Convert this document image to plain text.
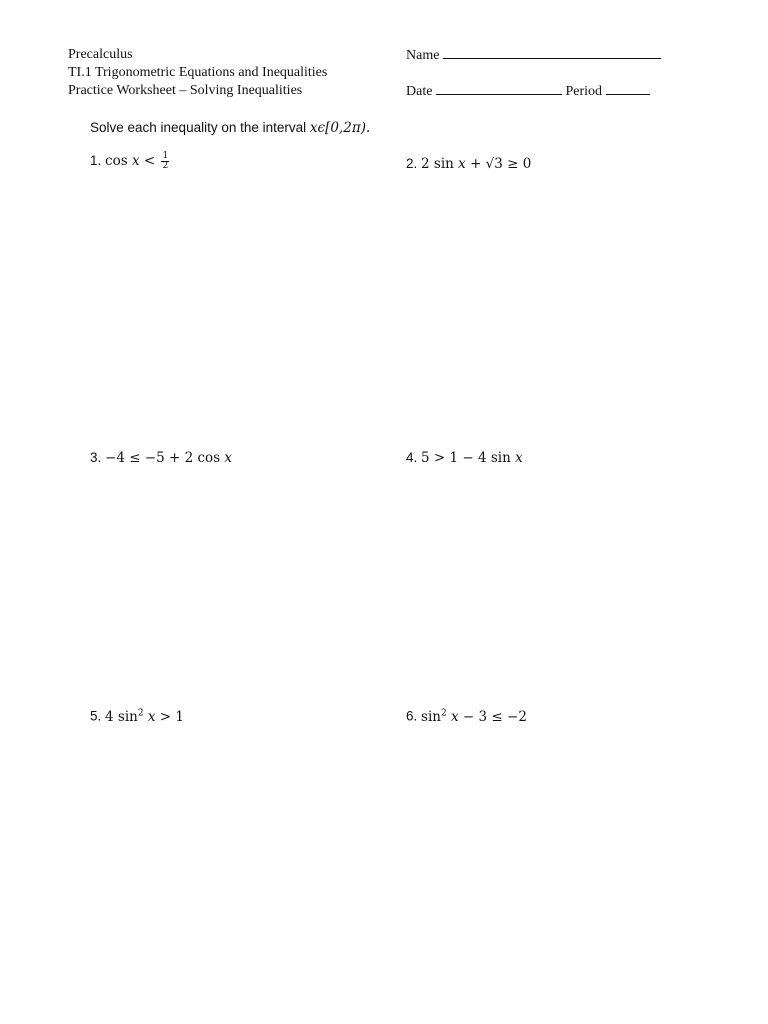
Precalculus
TI.1 Trigonometric Equations and Inequalities
Practice Worksheet – Solving Inequalities
Name
Date	Period
Solve each inequality on the interval xϵ[0,2π).
1. $\cos x < \frac{1}{2}$	2. 2 sin x + √3 ≥ 0
3. −4 ≤ −5 + 2 cos x	4. 5 > 1 − 4 sin x
5. 4 $\sin^2 x > 1$	6. $\sin^2 x - 3 \le -2$
